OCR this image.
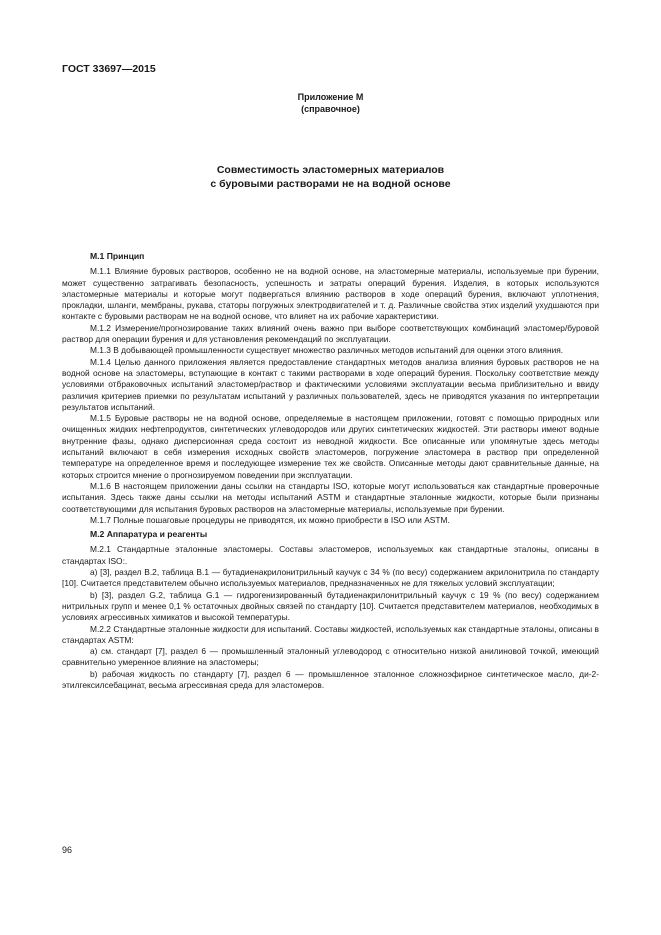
ГОСТ 33697—2015

Приложение М
(справочное)
Совместимость эластомерных материалов
с буровыми растворами не на водной основе
М.1 Принцип

М.1.1 Влияние буровых растворов, особенно не на водной основе, на эластомерные материалы, используемые при бурении, может существенно затрагивать безопасность, успешность и затраты операций бурения. Изделия, в которых используются эластомерные материалы и которые могут подвергаться влиянию растворов в ходе операций бурения, включают уплотнения, прокладки, шланги, мембраны, рукава, статоры погружных электродвигателей и т. д. Различные свойства этих изделий ухудшаются при контакте с буровыми растворам не на водной основе, что влияет на их рабочие характеристики.

М.1.2 Измерение/прогнозирование таких влияний очень важно при выборе соответствующих комбинаций эластомер/буровой раствор для операции бурения и для установления рекомендаций по эксплуатации.

М.1.3 В добывающей промышленности существует множество различных методов испытаний для оценки этого влияния.

М.1.4 Целью данного приложения является предоставление стандартных методов анализа влияния буровых растворов не на водной основе на эластомеры, вступающие в контакт с такими растворами в ходе операций бурения. Поскольку соответствие между условиями отбраковочных испытаний эластомер/раствор и фактическими условиями эксплуатации весьма приблизительно и ввиду различия критериев приемки по результатам испытаний у различных пользователей, здесь не приводятся указания по интерпретации результатов испытаний.

М.1.5 Буровые растворы не на водной основе, определяемые в настоящем приложении, готовят с помощью природных или очищенных жидких нефтепродуктов, синтетических углеводородов или других синтетических жидкостей. Эти растворы имеют водные внутренние фазы, однако дисперсионная среда состоит из неводной жидкости. Все описанные или упомянутые здесь методы испытаний включают в себя измерения исходных свойств эластомеров, погружение эластомера в раствор при определенной температуре на определенное время и последующее измерение тех же свойств. Описанные методы дают сравнительные данные, на которых строится мнение о прогнозируемом поведении при эксплуатации.

М.1.6 В настоящем приложении даны ссылки на стандарты ISO, которые могут использоваться как стандартные проверочные испытания. Здесь также даны ссылки на методы испытаний ASTM и стандартные эталонные жидкости, которые были признаны соответствующими для испытания буровых растворов на эластомерные материалы, используемые при бурении.

М.1.7 Полные пошаговые процедуры не приводятся, их можно приобрести в ISO или ASTM.

М.2 Аппаратура и реагенты

М.2.1 Стандартные эталонные эластомеры. Составы эластомеров, используемых как стандартные эталоны, описаны в стандартах ISO:.

а) [3], раздел В.2, таблица В.1 — бутадиенакрилонитрильный каучук с 34 % (по весу) содержанием акрилонитрила по стандарту [10]. Считается представителем обычно используемых материалов, предназначенных не для тяжелых условий эксплуатации;

b) [3], раздел G.2, таблица G.1 — гидрогенизированный бутадиенакрилонитрильный каучук с 19 % (по весу) содержанием нитрильных групп и менее 0,1 % остаточных двойных связей по стандарту [10]. Считается представителем материалов, необходимых в условиях агрессивных химикатов и высокой температуры.

М.2.2 Стандартные эталонные жидкости для испытаний. Составы жидкостей, используемых как стандартные эталоны, описаны в стандартах ASTM:

а) см. стандарт [7], раздел 6 — промышленный эталонный углеводород с относительно низкой анилиновой точкой, имеющий сравнительно умеренное влияние на эластомеры;

b) рабочая жидкость по стандарту [7], раздел 6 — промышленное эталонное сложноэфирное синтетическое масло, ди-2-этилгексилсебацинат, весьма агрессивная среда для эластомеров.

96
